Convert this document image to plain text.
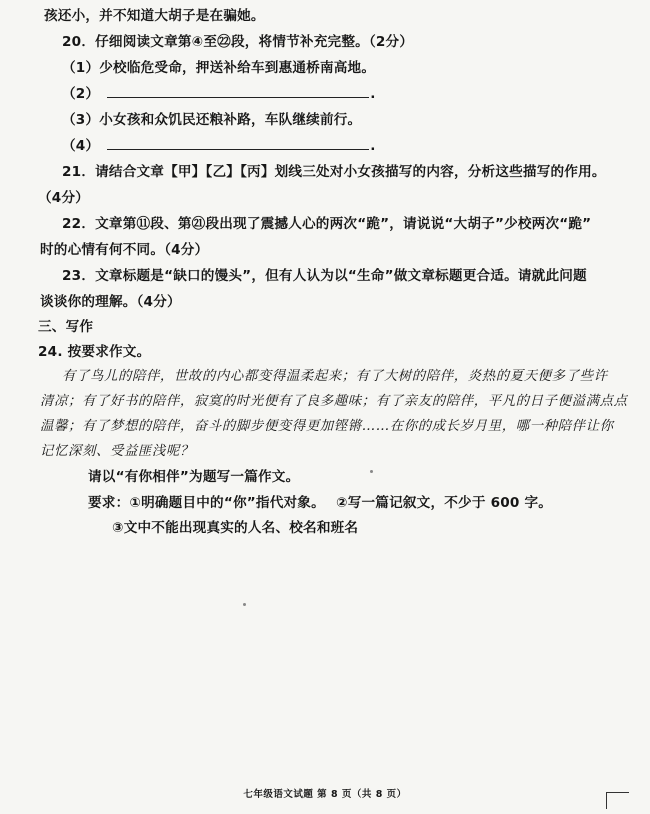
孩还小，并不知道大胡子是在骗她。
20．仔细阅读文章第④至㉒段，将情节补充完整。（2分）
（1）少校临危受命，押送补给车到惠通桥南高地。
（2）	.
（3）小女孩和众饥民还粮补路，车队继续前行。
（4）	.
21．请结合文章【甲】【乙】【丙】划线三处对小女孩描写的内容，分析这些描写的作用。
（4分）
22．文章第⑪段、第㉑段出现了震撼人心的两次“跪”，请说说“大胡子”少校两次“跪”
时的心情有何不同。（4分）
23．文章标题是“缺口的馒头”，但有人认为以“生命”做文章标题更合适。请就此问题
谈谈你的理解。（4分）
三、写作
24. 按要求作文。
有了鸟儿的陪伴，世故的内心都变得温柔起来；有了大树的陪伴，炎热的夏天便多了些许
清凉；有了好书的陪伴，寂寞的时光便有了良多趣味；有了亲友的陪伴，平凡的日子便溢满点点
温馨；有了梦想的陪伴，奋斗的脚步便变得更加铿锵……在你的成长岁月里，哪一种陪伴让你
记忆深刻、受益匪浅呢？
请以“有你相伴”为题写一篇作文。
要求：①明确题目中的“你”指代对象。 ②写一篇记叙文，不少于 600 字。
③文中不能出现真实的人名、校名和班名
七年级语文试题 第 8 页（共 8 页）
